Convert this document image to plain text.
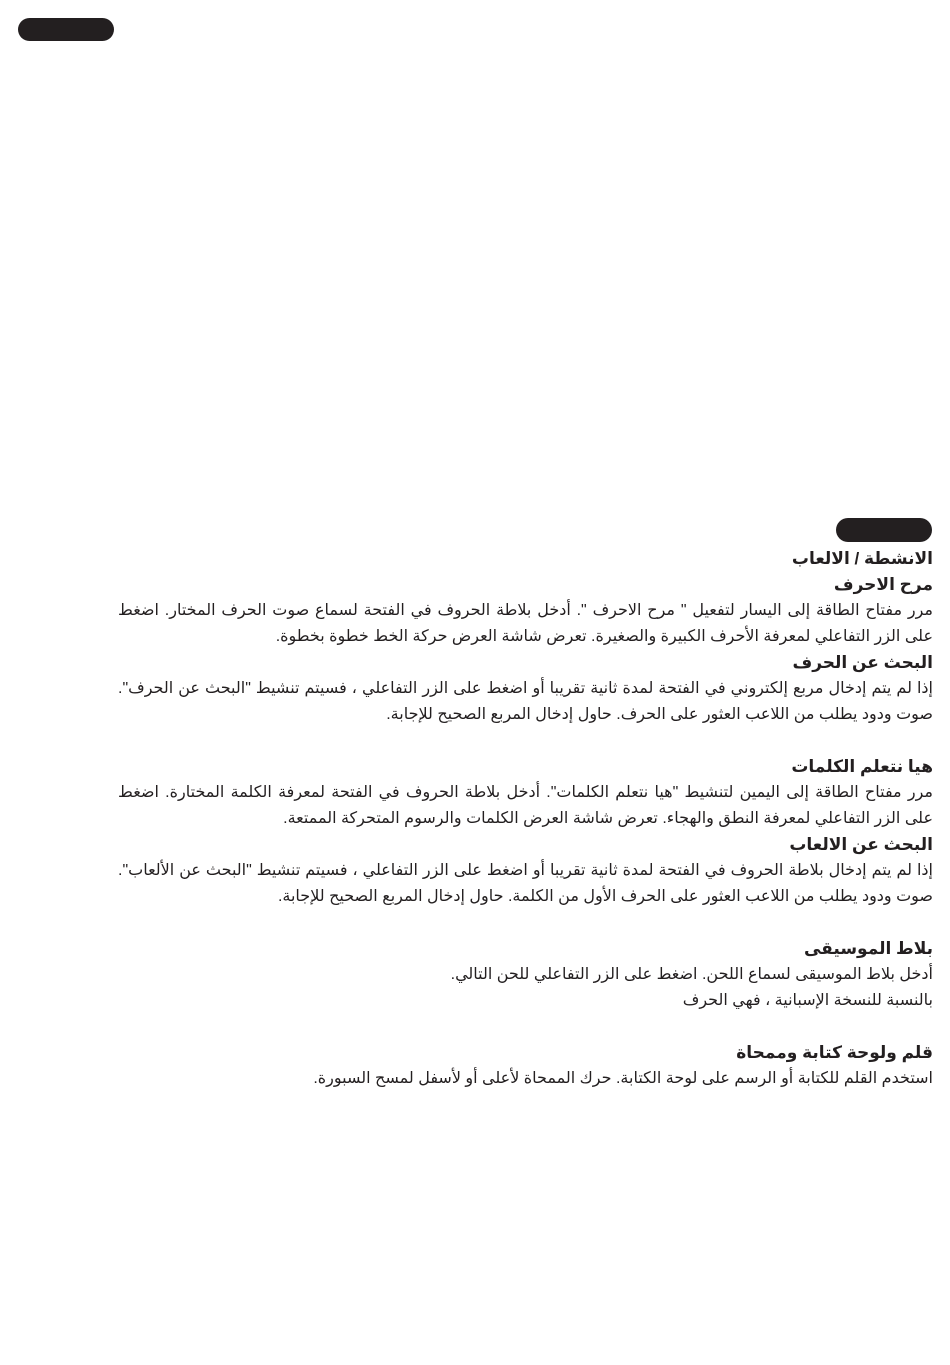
الانشطة / الالعاب

مرح الاحرف

مرر مفتاح الطاقة إلى اليسار لتفعيل " مرح الاحرف ". أدخل بلاطة الحروف في الفتحة لسماع صوت الحرف المختار. اضغط على الزر التفاعلي لمعرفة الأحرف الكبيرة والصغيرة. تعرض شاشة العرض حركة الخط خطوة بخطوة.

البحث عن الحرف

إذا لم يتم إدخال مربع إلكتروني في الفتحة لمدة ثانية تقريبا أو اضغط على الزر التفاعلي ، فسيتم تنشيط "البحث عن الحرف". صوت ودود يطلب من اللاعب العثور على الحرف. حاول إدخال المربع الصحيح للإجابة.

هيا نتعلم الكلمات

مرر مفتاح الطاقة إلى اليمين لتنشيط "هيا نتعلم الكلمات". أدخل بلاطة الحروف في الفتحة لمعرفة الكلمة المختارة. اضغط على الزر التفاعلي لمعرفة النطق والهجاء. تعرض شاشة العرض الكلمات والرسوم المتحركة الممتعة.

البحث عن الالعاب

إذا لم يتم إدخال بلاطة الحروف في الفتحة لمدة ثانية تقريبا أو اضغط على الزر التفاعلي ، فسيتم تنشيط "البحث عن الألعاب". صوت ودود يطلب من اللاعب العثور على الحرف الأول من الكلمة. حاول إدخال المربع الصحيح للإجابة.

بلاط الموسيقى

أدخل بلاط الموسيقى لسماع اللحن. اضغط على الزر التفاعلي للحن التالي.

بالنسبة للنسخة الإسبانية ، فهي الحرف

قلم ولوحة كتابة وممحاة

استخدم القلم للكتابة أو الرسم على لوحة الكتابة. حرك الممحاة لأعلى أو لأسفل لمسح السبورة.
